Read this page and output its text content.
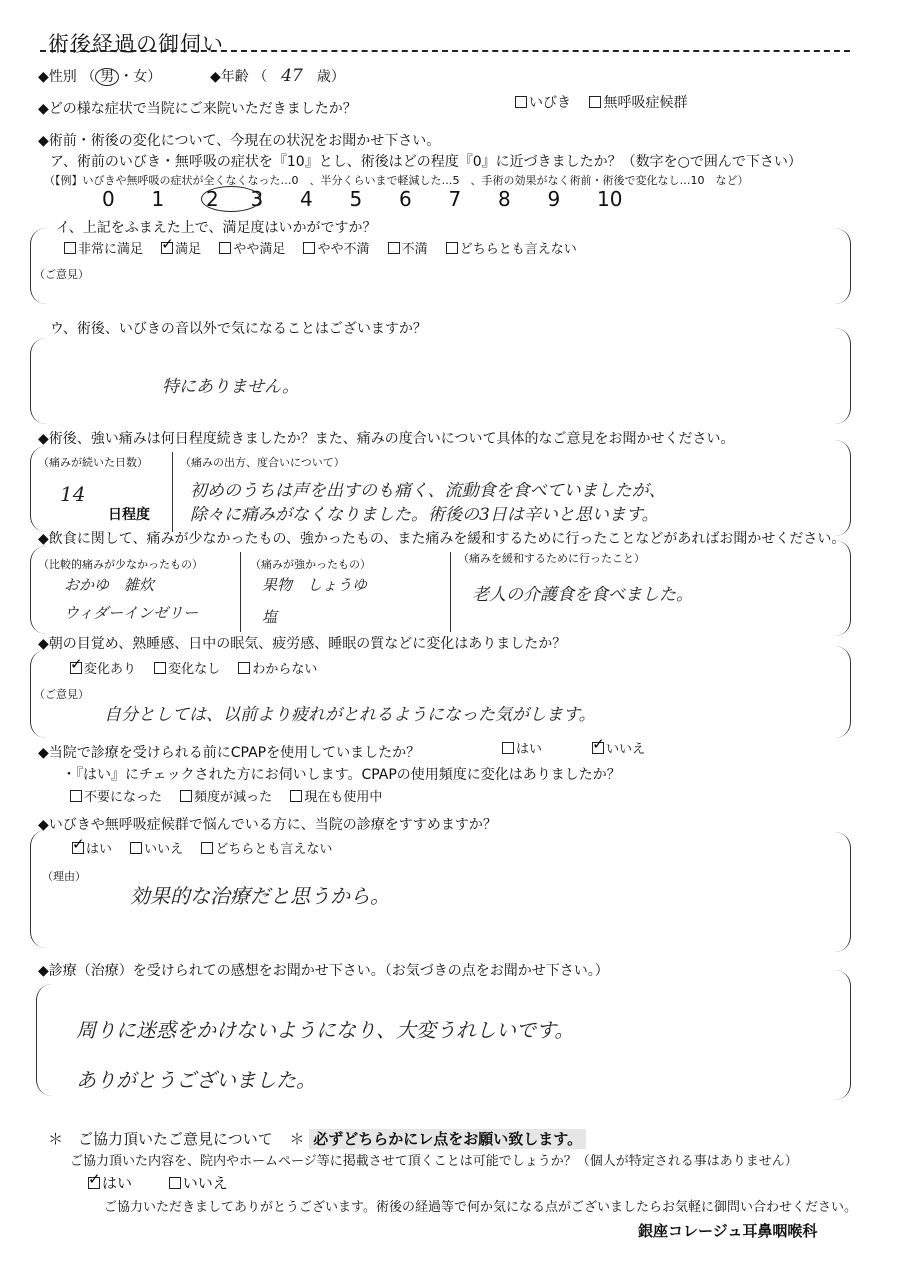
術後経過の御伺い
◆性別 （ 男 ・女）	◆年齢 （　47　 歳）
◆どの様な症状で当院にご来院いただきましたか？	いびき 無呼吸症候群
◆術前・術後の変化について、今現在の状況をお聞かせ下さい。
ア、術前のいびき・無呼吸の症状を『10』とし、術後はどの程度『0』に近づきましたか？（数字を○で囲んで下さい）
（【例】いびきや無呼吸の症状が全くなくなった…0　、半分くらいまで軽減した…5　、手術の効果がなく術前・術後で変化なし…10　など）
0 1 2 3 4 5 6 7 8 9 10
イ、上記をふまえた上で、満足度はいかがですか？
非常に満足 ✓ 満足 やや満足 やや不満 不満 どちらとも言えない
（ご意見）
ウ、術後、いびきの音以外で気になることはございますか？
特にありません。
◆術後、強い痛みは何日程度続きましたか？また、痛みの度合いについて具体的なご意見をお聞かせください。
（痛みが続いた日数）
14
日程度
（痛みの出方、度合いについて）
初めのうちは声を出すのも痛く、流動食を食べていましたが、
除々に痛みがなくなりました。術後の3日は辛いと思います。
◆飲食に関して、痛みが少なかったもの、強かったもの、また痛みを緩和するために行ったことなどがあればお聞かせください。
（比較的痛みが少なかったもの）
おかゆ　雑炊
ウィダーインゼリー
（痛みが強かったもの）
果物　しょうゆ
塩
（痛みを緩和するために行ったこと）
老人の介護食を食べました。
◆朝の目覚め、熟睡感、日中の眠気、疲労感、睡眠の質などに変化はありましたか？
✓変化あり 変化なし わからない
（ご意見）
自分としては、以前より疲れがとれるようになった気がします。
◆当院で診療を受けられる前にCPAPを使用していましたか？	はい ✓	いいえ
・『はい』にチェックされた方にお伺いします。CPAPの使用頻度に変化はありましたか？
不要になった 頻度が減った 現在も使用中
◆いびきや無呼吸症候群で悩んでいる方に、当院の診療をすすめますか？
✓はい いいえ どちらとも言えない
（理由）
効果的な治療だと思うから。
◆診療（治療）を受けられての感想をお聞かせ下さい。（お気づきの点をお聞かせ下さい。）
周りに迷惑をかけないようになり、大変うれしいです。
ありがとうございました。
＊　ご協力頂いたご意見について ＊ 必ずどちらかにレ点をお願い致します。
ご協力頂いた内容を、院内やホームページ等に掲載させて頂くことは可能でしょうか？（個人が特定される事はありません）
✓はい	いいえ
ご協力いただきましてありがとうございます。術後の経過等で何か気になる点がございましたらお気軽に御問い合わせください。
銀座コレージュ耳鼻咽喉科
